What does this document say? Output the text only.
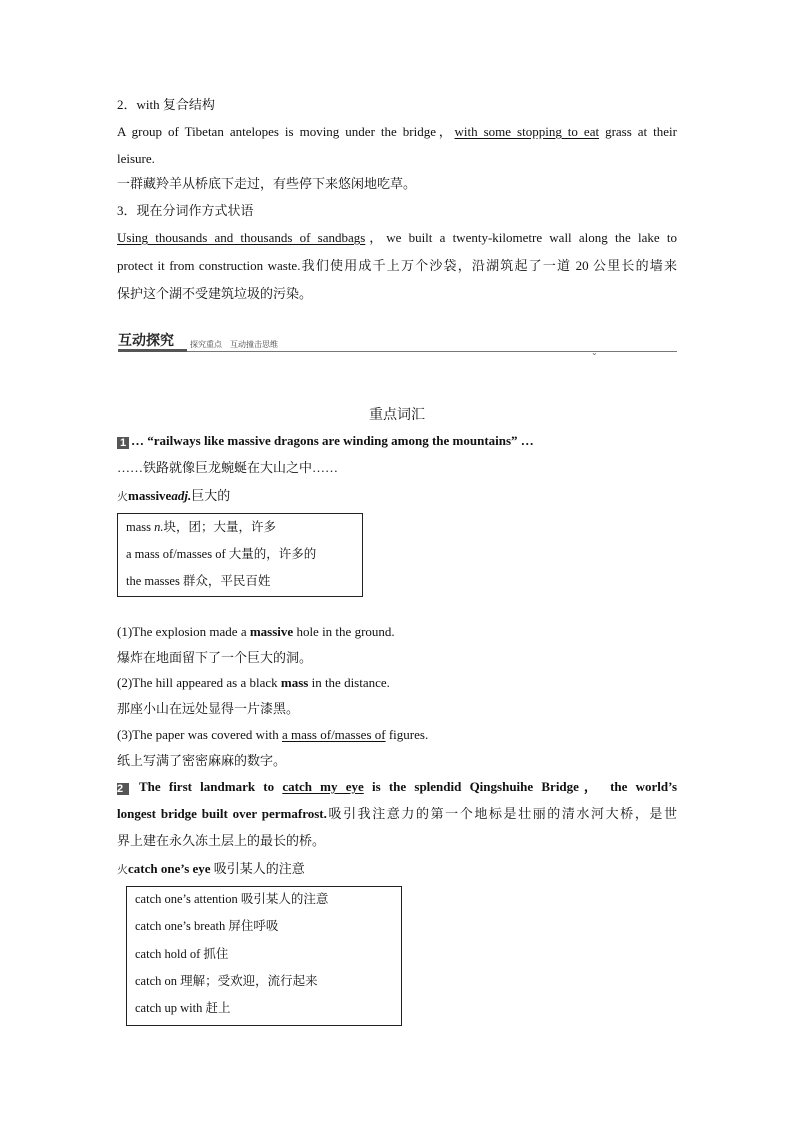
2．with 复合结构
A group of Tibetan antelopes is moving under the bridge，with some stopping to eat grass at their
leisure.
一群藏羚羊从桥底下走过，有些停下来悠闲地吃草。
3．现在分词作方式状语
Using thousands and thousands of sandbags，we built a twenty-kilometre wall along the lake to
protect it from construction waste.我们使用成千上万个沙袋，沿湖筑起了一道 20 公里长的墙来
保护这个湖不受建筑垃圾的污染。
互动探究 探究重点　互动撞击思维
⌄
重点词汇
1 … “railways like massive dragons are winding among the mountains” …
……铁路就像巨龙蜿蜒在大山之中……
⽕massiveadj.巨大的
mass n.块，团；大量，许多
a mass of/masses of 大量的，许多的
the masses 群众，平民百姓
(1)The explosion made a massive hole in the ground.
爆炸在地面留下了一个巨大的洞。
(2)The hill appeared as a black mass in the distance.
那座小山在远处显得一片漆黑。
(3)The paper was covered with a mass of/masses of figures.
纸上写满了密密麻麻的数字。
2 The first landmark to catch my eye is the splendid Qingshuihe Bridge， the world’s
longest bridge built over permafrost.吸引我注意力的第一个地标是壮丽的清水河大桥，是世
界上建在永久冻土层上的最长的桥。
⽕catch one’s eye 吸引某人的注意
catch one’s attention 吸引某人的注意
catch one’s breath 屏住呼吸
catch hold of 抓住
catch on 理解；受欢迎，流行起来
catch up with 赶上
